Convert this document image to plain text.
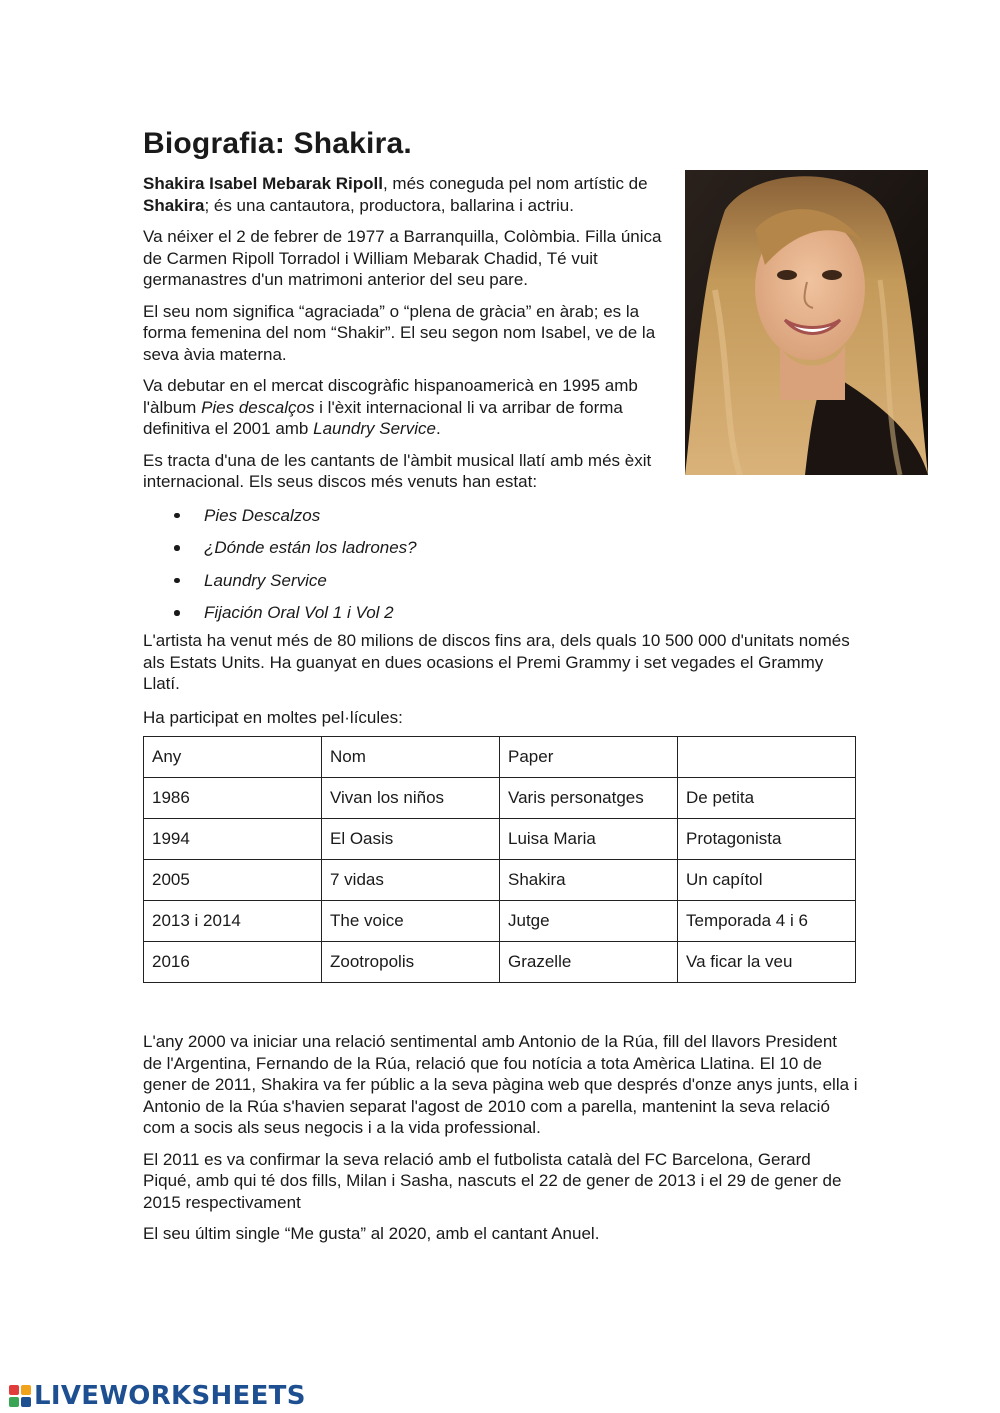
Biografia: Shakira.

Shakira Isabel Mebarak Ripoll, més coneguda pel nom artístic de Shakira; és una cantautora, productora, ballarina i actriu.

Va néixer el 2 de febrer de 1977 a Barranquilla, Colòmbia. Filla única de Carmen Ripoll Torradol i William Mebarak Chadid, Té vuit germanastres d'un matrimoni anterior del seu pare.

El seu nom significa “agraciada” o “plena de gràcia” en àrab; es la forma femenina del nom “Shakir”. El seu segon nom Isabel, ve de la seva àvia materna.

Va debutar en el mercat discogràfic hispanoamericà en 1995 amb l'àlbum Pies descalços i l'èxit internacional li va arribar de forma definitiva el 2001 amb Laundry Service.

Es tracta d'una de les cantants de l'àmbit musical llatí amb més èxit internacional. Els seus discos més venuts han estat:

Pies Descalzos
¿Dónde están los ladrones?
Laundry Service
Fijación Oral Vol 1 i Vol 2

L'artista ha venut més de 80 milions de discos fins ara, dels quals 10 500 000 d'unitats només als Estats Units. Ha guanyat en dues ocasions el Premi Grammy i set vegades el Grammy Llatí.

Ha participat en moltes pel·lícules:

Any	Nom	Paper	
1986	Vivan los niños	Varis personatges	De petita
1994	El Oasis	Luisa Maria	Protagonista
2005	7 vidas	Shakira	Un capítol
2013 i 2014	The voice	Jutge	Temporada 4 i 6
2016	Zootropolis	Grazelle	Va ficar la veu

L'any 2000 va iniciar una relació sentimental amb Antonio de la Rúa, fill del llavors President de l'Argentina, Fernando de la Rúa, relació que fou notícia a tota Amèrica Llatina. El 10 de gener de 2011, Shakira va fer públic a la seva pàgina web que després d'onze anys junts, ella i Antonio de la Rúa s'havien separat l'agost de 2010 com a parella, mantenint la seva relació com a socis als seus negocis i a la vida professional.

El 2011 es va confirmar la seva relació amb el futbolista català del FC Barcelona, Gerard Piqué, amb qui té dos fills, Milan i Sasha, nascuts el 22 de gener de 2013 i el 29 de gener de 2015 respectivament

El seu últim single “Me gusta” al 2020, amb el cantant Anuel.

LIVEWORKSHEETS
